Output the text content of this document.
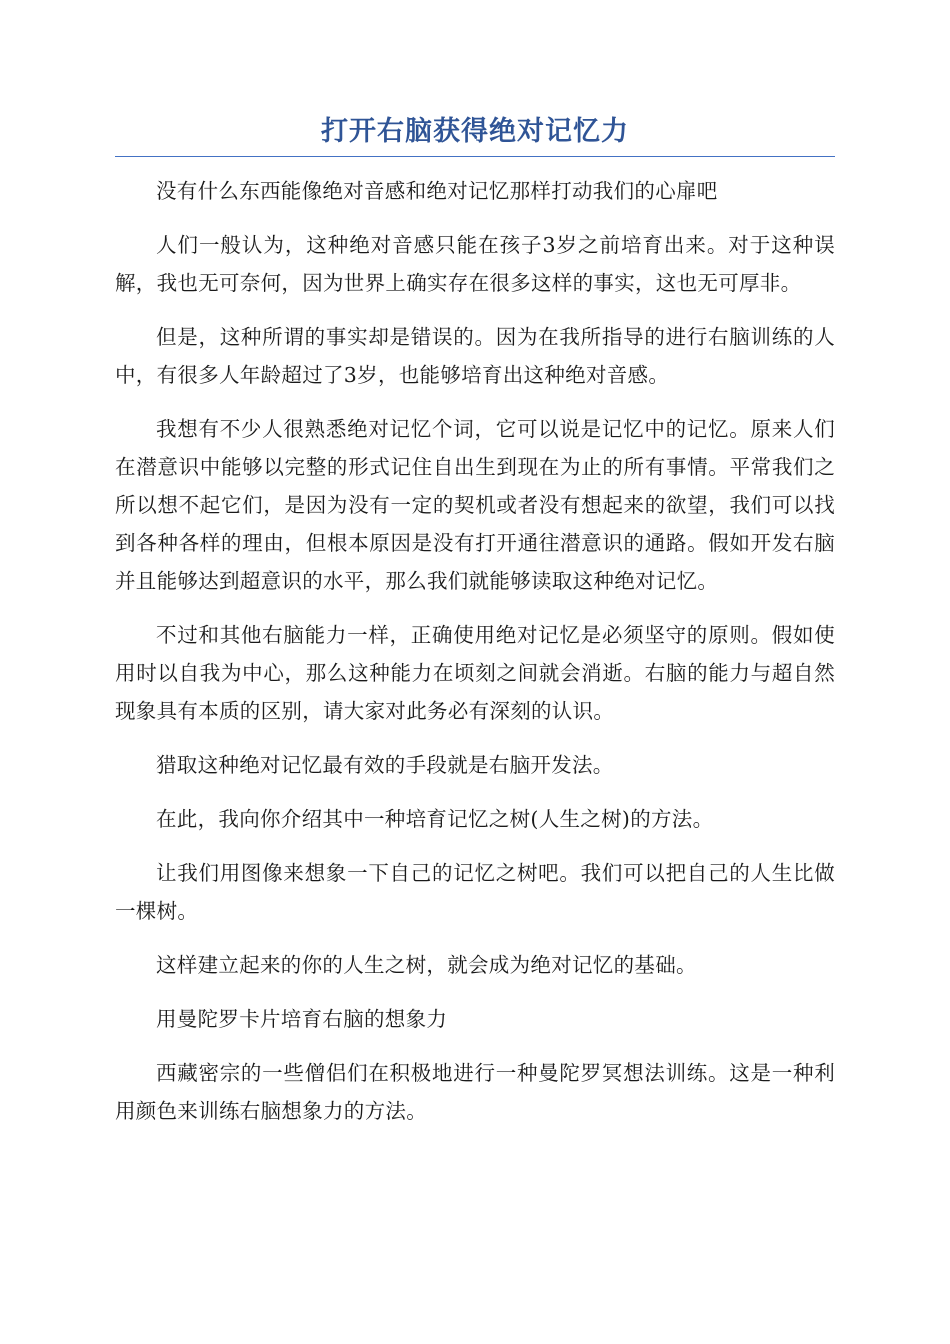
打开右脑获得绝对记忆力

没有什么东西能像绝对音感和绝对记忆那样打动我们的心扉吧

人们一般认为，这种绝对音感只能在孩子3岁之前培育出来。对于这种误解，我也无可奈何，因为世界上确实存在很多这样的事实，这也无可厚非。

但是，这种所谓的事实却是错误的。因为在我所指导的进行右脑训练的人中，有很多人年龄超过了3岁，也能够培育出这种绝对音感。

我想有不少人很熟悉绝对记忆个词，它可以说是记忆中的记忆。原来人们在潜意识中能够以完整的形式记住自出生到现在为止的所有事情。平常我们之所以想不起它们，是因为没有一定的契机或者没有想起来的欲望，我们可以找到各种各样的理由，但根本原因是没有打开通往潜意识的通路。假如开发右脑并且能够达到超意识的水平，那么我们就能够读取这种绝对记忆。

不过和其他右脑能力一样，正确使用绝对记忆是必须坚守的原则。假如使用时以自我为中心，那么这种能力在顷刻之间就会消逝。右脑的能力与超自然现象具有本质的区别，请大家对此务必有深刻的认识。

猎取这种绝对记忆最有效的手段就是右脑开发法。

在此，我向你介绍其中一种培育记忆之树(人生之树)的方法。

让我们用图像来想象一下自己的记忆之树吧。我们可以把自己的人生比做一棵树。

这样建立起来的你的人生之树，就会成为绝对记忆的基础。

用曼陀罗卡片培育右脑的想象力

西藏密宗的一些僧侣们在积极地进行一种曼陀罗冥想法训练。这是一种利用颜色来训练右脑想象力的方法。
